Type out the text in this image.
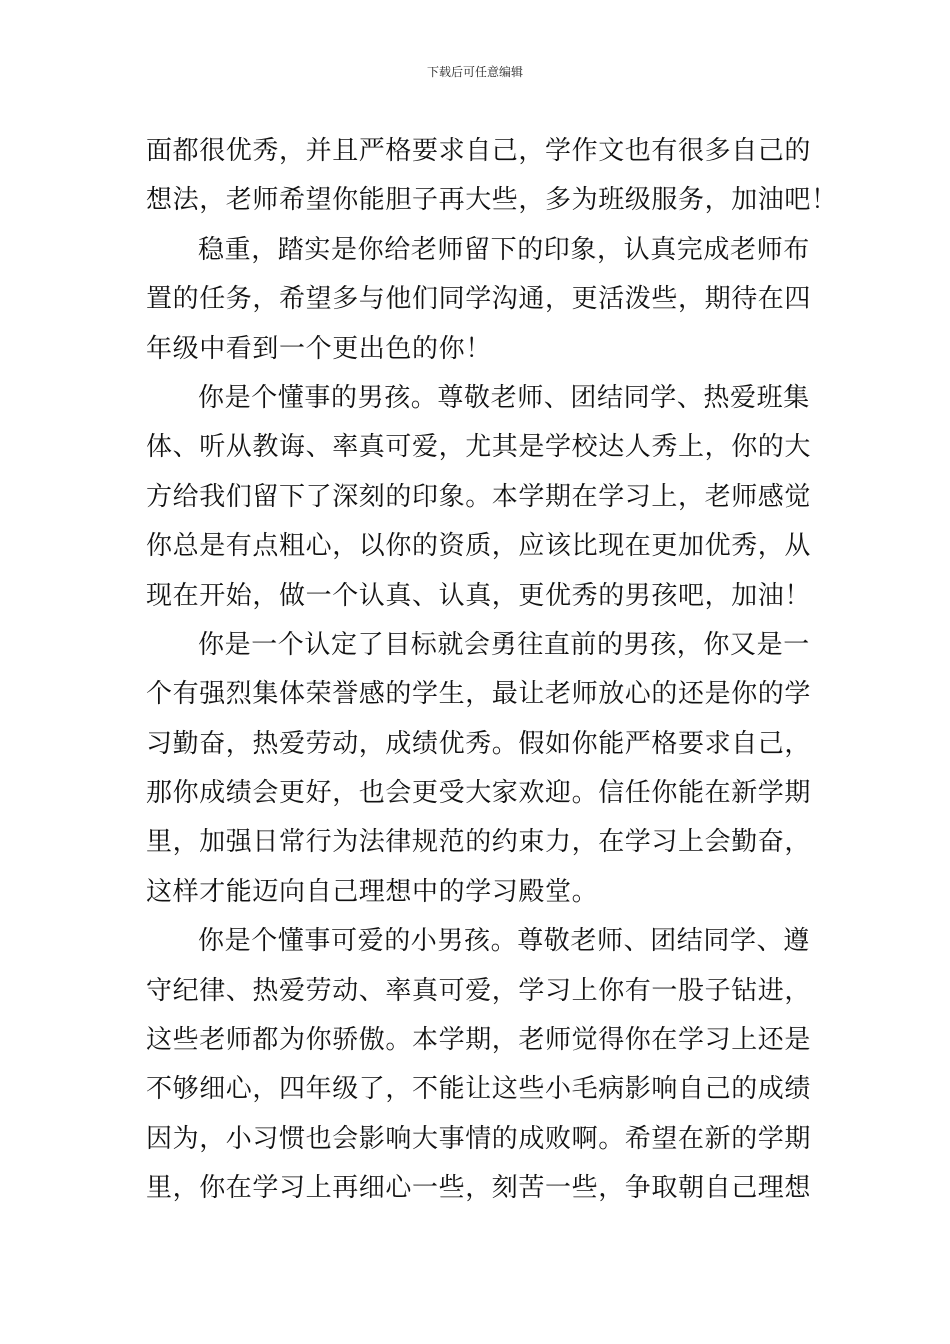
下载后可任意编辑
面都很优秀，并且严格要求自己，学作文也有很多自己的
想法，老师希望你能胆子再大些，多为班级服务，加油吧！
稳重，踏实是你给老师留下的印象，认真完成老师布
置的任务，希望多与他们同学沟通，更活泼些，期待在四
年级中看到一个更出色的你！
你是个懂事的男孩。尊敬老师、团结同学、热爱班集
体、听从教诲、率真可爱，尤其是学校达人秀上，你的大
方给我们留下了深刻的印象。本学期在学习上，老师感觉
你总是有点粗心，以你的资质，应该比现在更加优秀，从
现在开始，做一个认真、认真，更优秀的男孩吧，加油！
你是一个认定了目标就会勇往直前的男孩，你又是一
个有强烈集体荣誉感的学生，最让老师放心的还是你的学
习勤奋，热爱劳动，成绩优秀。假如你能严格要求自己，
那你成绩会更好，也会更受大家欢迎。信任你能在新学期
里，加强日常行为法律规范的约束力，在学习上会勤奋，
这样才能迈向自己理想中的学习殿堂。
你是个懂事可爱的小男孩。尊敬老师、团结同学、遵
守纪律、热爱劳动、率真可爱，学习上你有一股子钻进，
这些老师都为你骄傲。本学期，老师觉得你在学习上还是
不够细心，四年级了，不能让这些小毛病影响自己的成绩
因为，小习惯也会影响大事情的成败啊。希望在新的学期
里，你在学习上再细心一些，刻苦一些，争取朝自己理想
